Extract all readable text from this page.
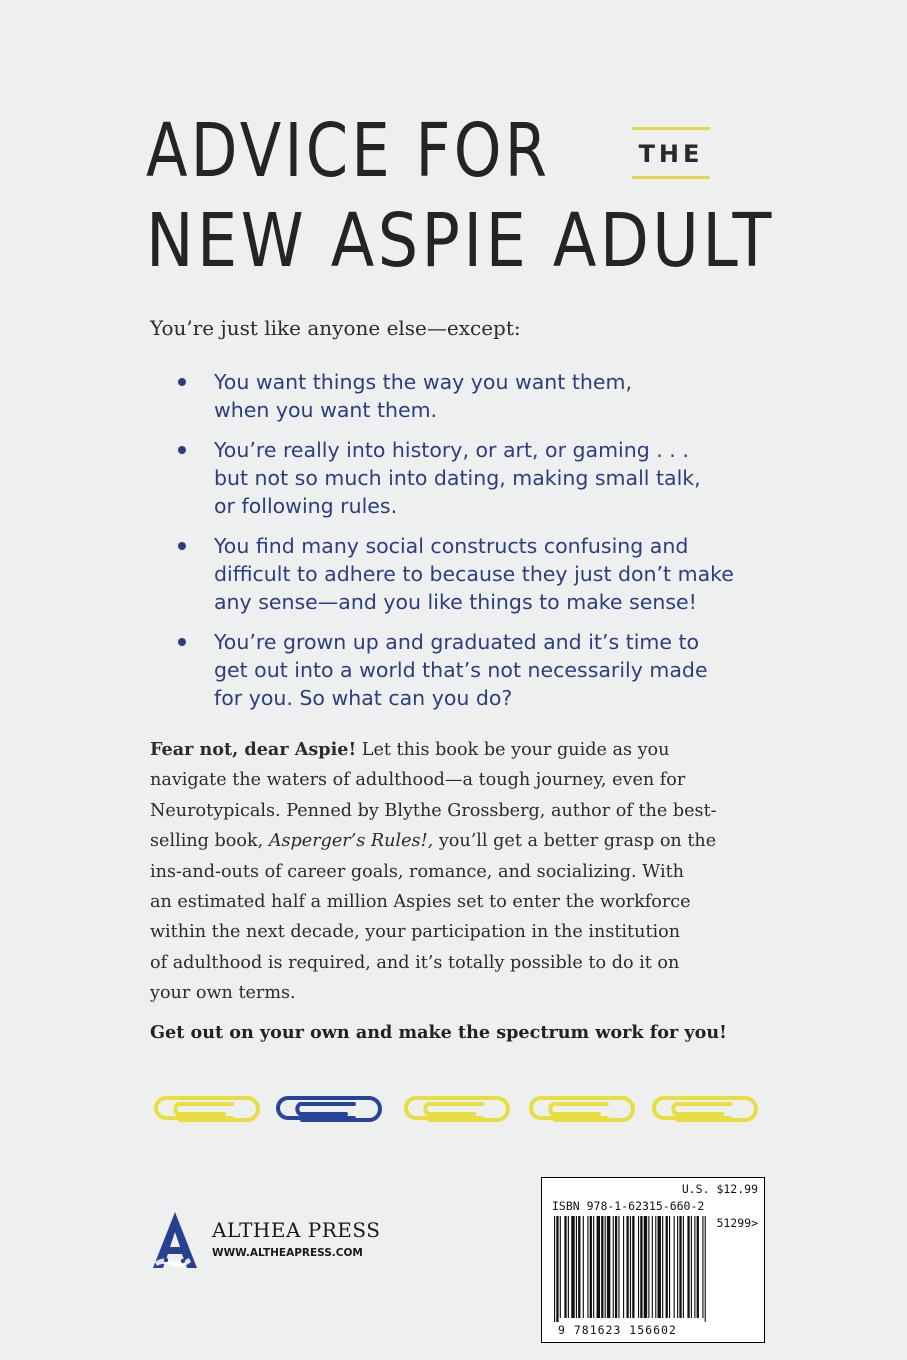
ADVICE FOR	THE
NEW ASPIE ADULT
You’re just like anyone else—except:
You want things the way you want them,
when you want them.
You’re really into history, or art, or gaming . . .
but not so much into dating, making small talk,
or following rules.
You find many social constructs confusing and
difficult to adhere to because they just don’t make
any sense—and you like things to make sense!
You’re grown up and graduated and it’s time to
get out into a world that’s not necessarily made
for you. So what can you do?
Fear not, dear Aspie! Let this book be your guide as you
navigate the waters of adulthood—a tough journey, even for
Neurotypicals. Penned by Blythe Grossberg, author of the best-
selling book, Asperger’s Rules!, you’ll get a better grasp on the
ins-and-outs of career goals, romance, and socializing. With
an estimated half a million Aspies set to enter the workforce
within the next decade, your participation in the institution
of adulthood is required, and it’s totally possible to do it on
your own terms.
Get out on your own and make the spectrum work for you!
ALTHEA PRESS
WWW.ALTHEAPRESS.COM
U.S. $12.99
ISBN 978-1-62315-660-2
51299>
9 781623 156602
